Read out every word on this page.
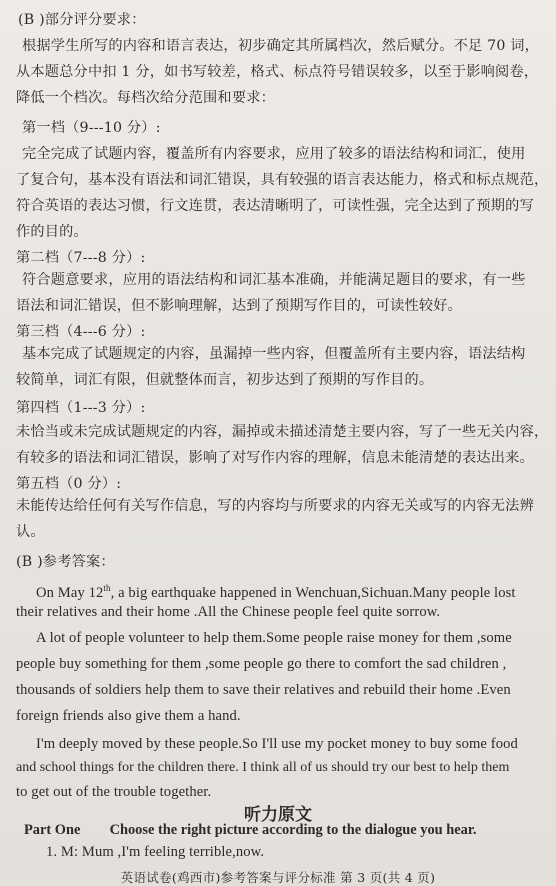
(B )部分评分要求：
根据学生所写的内容和语言表达，初步确定其所属档次，然后赋分。不足 70 词，
从本题总分中扣 1 分，如书写较差，格式、标点符号错误较多，以至于影响阅卷，
降低一个档次。每档次给分范围和要求：
第一档（9---10 分）:
完全完成了试题内容，覆盖所有内容要求，应用了较多的语法结构和词汇，使用
了复合句，基本没有语法和词汇错误，具有较强的语言表达能力，格式和标点规范，
符合英语的表达习惯，行文连贯，表达清晰明了，可读性强，完全达到了预期的写
作的目的。
第二档（7---8 分）:
符合题意要求，应用的语法结构和词汇基本准确，并能满足题目的要求，有一些
语法和词汇错误，但不影响理解，达到了预期写作目的，可读性较好。
第三档（4---6 分）:
基本完成了试题规定的内容，虽漏掉一些内容，但覆盖所有主要内容，语法结构
较简单，词汇有限，但就整体而言，初步达到了预期的写作目的。
第四档（1---3 分）:
未恰当或未完成试题规定的内容，漏掉或未描述清楚主要内容，写了一些无关内容，
有较多的语法和词汇错误，影响了对写作内容的理解，信息未能清楚的表达出来。
第五档（0 分）:
未能传达给任何有关写作信息，写的内容均与所要求的内容无关或写的内容无法辨
认。
(B )参考答案：
On May 12th, a big earthquake happened in Wenchuan,Sichuan.Many people lost
their relatives and their home .All the Chinese people feel quite sorrow.
A lot of people volunteer to help them.Some people raise money for them ,some
people buy something for them ,some people go there to comfort the sad children ,
thousands of soldiers help them to save their relatives and rebuild their home .Even
foreign friends also give them a hand.
I'm deeply moved by these people.So I'll use my pocket money to buy some food
and school things for the children there. I think all of us should try our best to help them
to get out of the trouble together.
听力原文
Part One Choose the right picture according to the dialogue you hear.
1. M: Mum ,I'm feeling terrible,now.
英语试卷(鸡西市)参考答案与评分标准 第 3 页(共 4 页)
